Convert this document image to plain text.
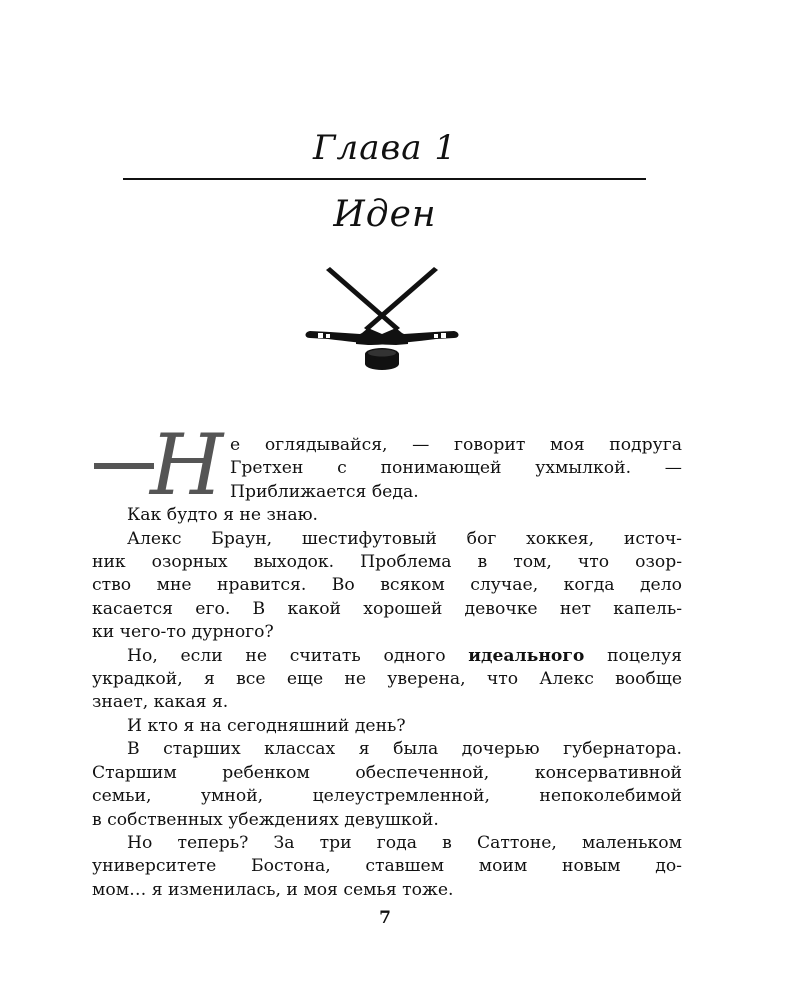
Глава 1
Иден
Н е оглядывайся, — говорит моя подруга

Гретхен с понимающей ухмылкой. —

Приближается беда.

Как будто я не знаю.

Алекс Браун, шестифутовый бог хоккея, источ-

ник озорных выходок. Проблема в том, что озор-

ство мне нравится. Во всяком случае, когда дело

касается его. В какой хорошей девочке нет капель-

ки чего-то дурного?

Но, если не считать одного идеального поцелуя

украдкой, я все еще не уверена, что Алекс вообще

знает, какая я.

И кто я на сегодняшний день?

В старших классах я была дочерью губернатора.

Старшим ребенком обеспеченной, консервативной

семьи, умной, целеустремленной, непоколебимой

в собственных убеждениях девушкой.

Но теперь? За три года в Саттоне, маленьком

университете Бостона, ставшем моим новым до-

мом… я изменилась, и моя семья тоже.

7
